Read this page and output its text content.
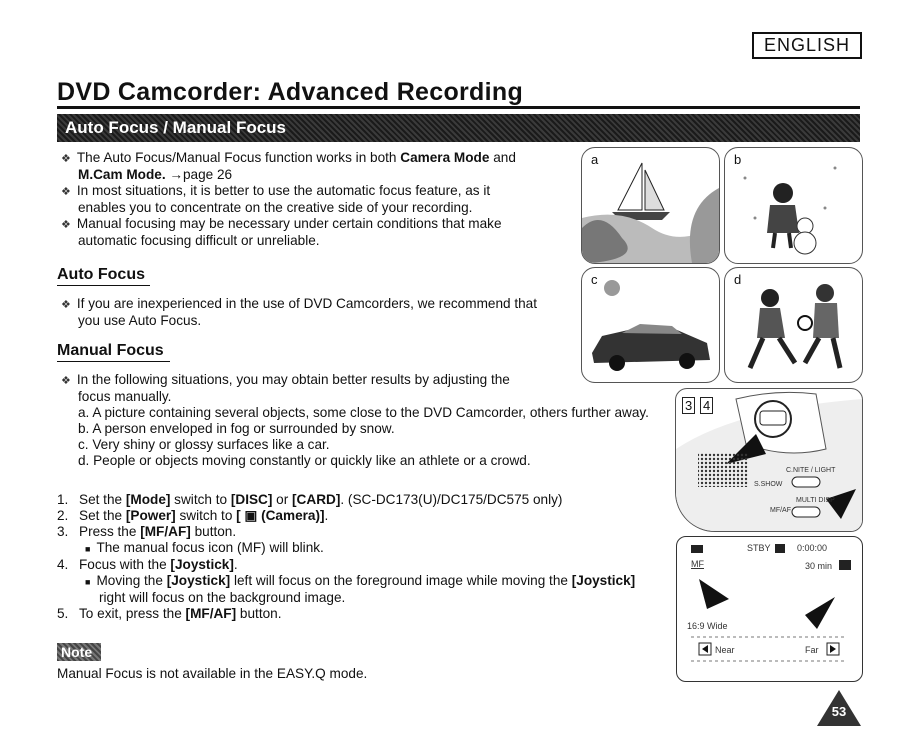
ENGLISH
DVD Camcorder: Advanced Recording
Auto Focus / Manual Focus
❖ The Auto Focus/Manual Focus function works in both Camera Mode and
M.Cam Mode. →page 26
❖ In most situations, it is better to use the automatic focus feature, as it
enables you to concentrate on the creative side of your recording.
❖ Manual focusing may be necessary under certain conditions that make
automatic focusing difficult or unreliable.
Auto Focus
❖ If you are inexperienced in the use of DVD Camcorders, we recommend that
you use Auto Focus.
Manual Focus
❖ In the following situations, you may obtain better results by adjusting the
focus manually.
a. A picture containing several objects, some close to the DVD Camcorder, others further away.
b. A person enveloped in fog or surrounded by snow.
c. Very shiny or glossy surfaces like a car.
d. People or objects moving constantly or quickly like an athlete or a crowd.
1. Set the [Mode] switch to [DISC] or [CARD]. (SC-DC173(U)/DC175/DC575 only)
2. Set the [Power] switch to [ ▣ (Camera)].
3. Press the [MF/AF] button.
■ The manual focus icon (MF) will blink.
4. Focus with the [Joystick].
■ Moving the [Joystick] left will focus on the foreground image while moving the [Joystick]
right will focus on the background image.
5. To exit, press the [MF/AF] button.
Note
Manual Focus is not available in the EASY.Q mode.
a	b
c	d
3 4
C.NITE / LIGHT
S.SHOW
MULTI DISP
MF/AF
STBY	0:00:00
30 min
MF
16:9 Wide
Near	Far
53
